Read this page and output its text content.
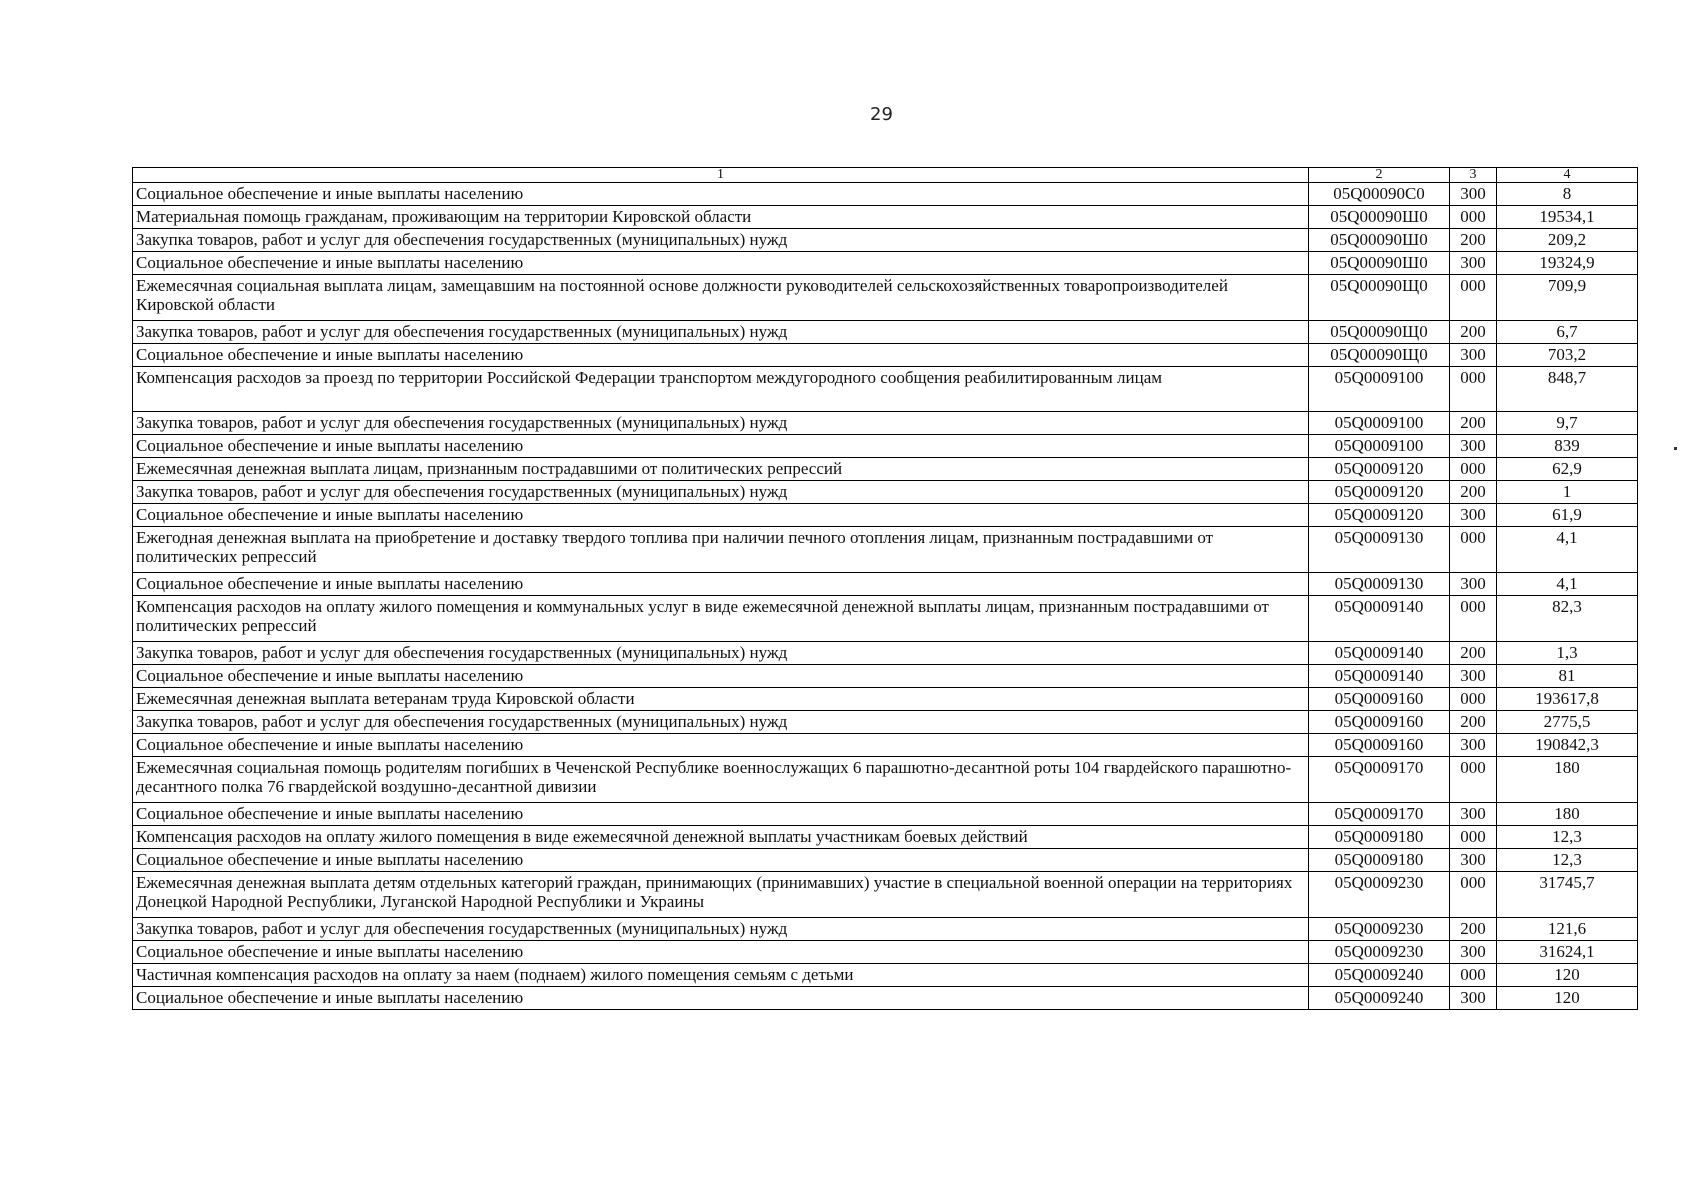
29
1	2	3	4
Социальное обеспечение и иные выплаты населению	05Q00090С0	300	8
Материальная помощь гражданам, проживающим на территории Кировской области	05Q00090Ш0	000	19534,1
Закупка товаров, работ и услуг для обеспечения государственных (муниципальных) нужд	05Q00090Ш0	200	209,2
Социальное обеспечение и иные выплаты населению	05Q00090Ш0	300	19324,9
Ежемесячная социальная выплата лицам, замещавшим на постоянной основе должности руководителей сельскохозяйственных товаропроизводителей Кировской области	05Q00090Щ0	000	709,9
Закупка товаров, работ и услуг для обеспечения государственных (муниципальных) нужд	05Q00090Щ0	200	6,7
Социальное обеспечение и иные выплаты населению	05Q00090Щ0	300	703,2
Компенсация расходов за проезд по территории Российской Федерации транспортом междугородного сообщения реабилитированным лицам	05Q0009100	000	848,7
Закупка товаров, работ и услуг для обеспечения государственных (муниципальных) нужд	05Q0009100	200	9,7
Социальное обеспечение и иные выплаты населению	05Q0009100	300	839
Ежемесячная денежная выплата лицам, признанным пострадавшими от политических репрессий	05Q0009120	000	62,9
Закупка товаров, работ и услуг для обеспечения государственных (муниципальных) нужд	05Q0009120	200	1
Социальное обеспечение и иные выплаты населению	05Q0009120	300	61,9
Ежегодная денежная выплата на приобретение и доставку твердого топлива при наличии печного отопления лицам, признанным пострадавшими от политических репрессий	05Q0009130	000	4,1
Социальное обеспечение и иные выплаты населению	05Q0009130	300	4,1
Компенсация расходов на оплату жилого помещения и коммунальных услуг в виде ежемесячной денежной выплаты лицам, признанным пострадавшими от политических репрессий	05Q0009140	000	82,3
Закупка товаров, работ и услуг для обеспечения государственных (муниципальных) нужд	05Q0009140	200	1,3
Социальное обеспечение и иные выплаты населению	05Q0009140	300	81
Ежемесячная денежная выплата ветеранам труда Кировской области	05Q0009160	000	193617,8
Закупка товаров, работ и услуг для обеспечения государственных (муниципальных) нужд	05Q0009160	200	2775,5
Социальное обеспечение и иные выплаты населению	05Q0009160	300	190842,3
Ежемесячная социальная помощь родителям погибших в Чеченской Республике военнослужащих 6 парашютно-десантной роты 104 гвардейского парашютно-десантного полка 76 гвардейской воздушно-десантной дивизии	05Q0009170	000	180
Социальное обеспечение и иные выплаты населению	05Q0009170	300	180
Компенсация расходов на оплату жилого помещения в виде ежемесячной денежной выплаты участникам боевых действий	05Q0009180	000	12,3
Социальное обеспечение и иные выплаты населению	05Q0009180	300	12,3
Ежемесячная денежная выплата детям отдельных категорий граждан, принимающих (принимавших) участие в специальной военной операции на территориях Донецкой Народной Республики, Луганской Народной Республики и Украины	05Q0009230	000	31745,7
Закупка товаров, работ и услуг для обеспечения государственных (муниципальных) нужд	05Q0009230	200	121,6
Социальное обеспечение и иные выплаты населению	05Q0009230	300	31624,1
Частичная компенсация расходов на оплату за наем (поднаем) жилого помещения семьям с детьми	05Q0009240	000	120
Социальное обеспечение и иные выплаты населению	05Q0009240	300	120
